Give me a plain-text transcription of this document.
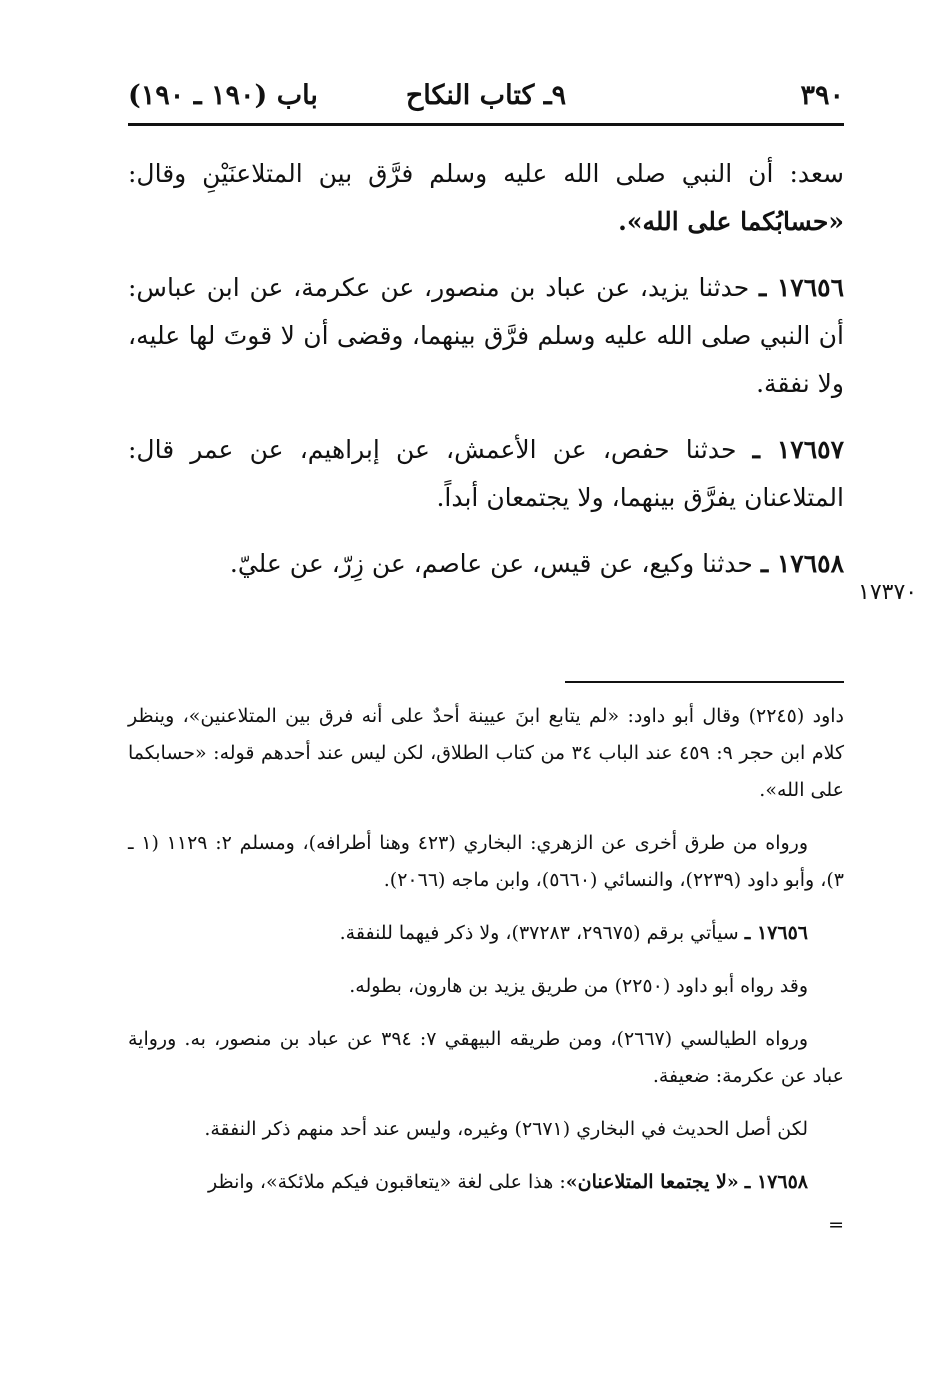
٣٩٠
٩ـ كتاب النكاح
باب (١٩٠ ـ ١٩٠)

سعد: أن النبي صلى الله عليه وسلم فرَّق بين المتلاعنَيْنِ وقال: «حسابُكما على الله».

١٧٦٥٦ ـ حدثنا يزيد، عن عباد بن منصور، عن عكرمة، عن ابن عباس: أن النبي صلى الله عليه وسلم فرَّق بينهما، وقضى أن لا قوتَ لها عليه، ولا نفقة.

١٧٦٥٧ ـ حدثنا حفص، عن الأعمش، عن إبراهيم، عن عمر قال: المتلاعنان يفرَّق بينهما، ولا يجتمعان أبداً.

١٧٦٥٨ ـ حدثنا وكيع، عن قيس، عن عاصم، عن زِرّ، عن عليّ.

١٧٣٧٠

داود (٢٢٤٥) وقال أبو داود: «لم يتابع ابنَ عيينة أحدٌ على أنه فرق بين المتلاعنين»، وينظر كلام ابن حجر ٩: ٤٥٩ عند الباب ٣٤ من كتاب الطلاق، لكن ليس عند أحدهم قوله: «حسابكما على الله».

ورواه من طرق أخرى عن الزهري: البخاري (٤٢٣ وهنا أطرافه)، ومسلم ٢: ١١٢٩ (١ ـ ٣)، وأبو داود (٢٢٣٩)، والنسائي (٥٦٦٠)، وابن ماجه (٢٠٦٦).

١٧٦٥٦ ـ سيأتي برقم (٢٩٦٧٥، ٣٧٢٨٣)، ولا ذكر فيهما للنفقة.

وقد رواه أبو داود (٢٢٥٠) من طريق يزيد بن هارون، بطوله.

ورواه الطيالسي (٢٦٦٧)، ومن طريقه البيهقي ٧: ٣٩٤ عن عباد بن منصور، به. ورواية عباد عن عكرمة: ضعيفة.

لكن أصل الحديث في البخاري (٢٦٧١) وغيره، وليس عند أحد منهم ذكر النفقة.

١٧٦٥٨ ـ «لا يجتمعا المتلاعنان»: هذا على لغة «يتعاقبون فيكم ملائكة»، وانظر

=
